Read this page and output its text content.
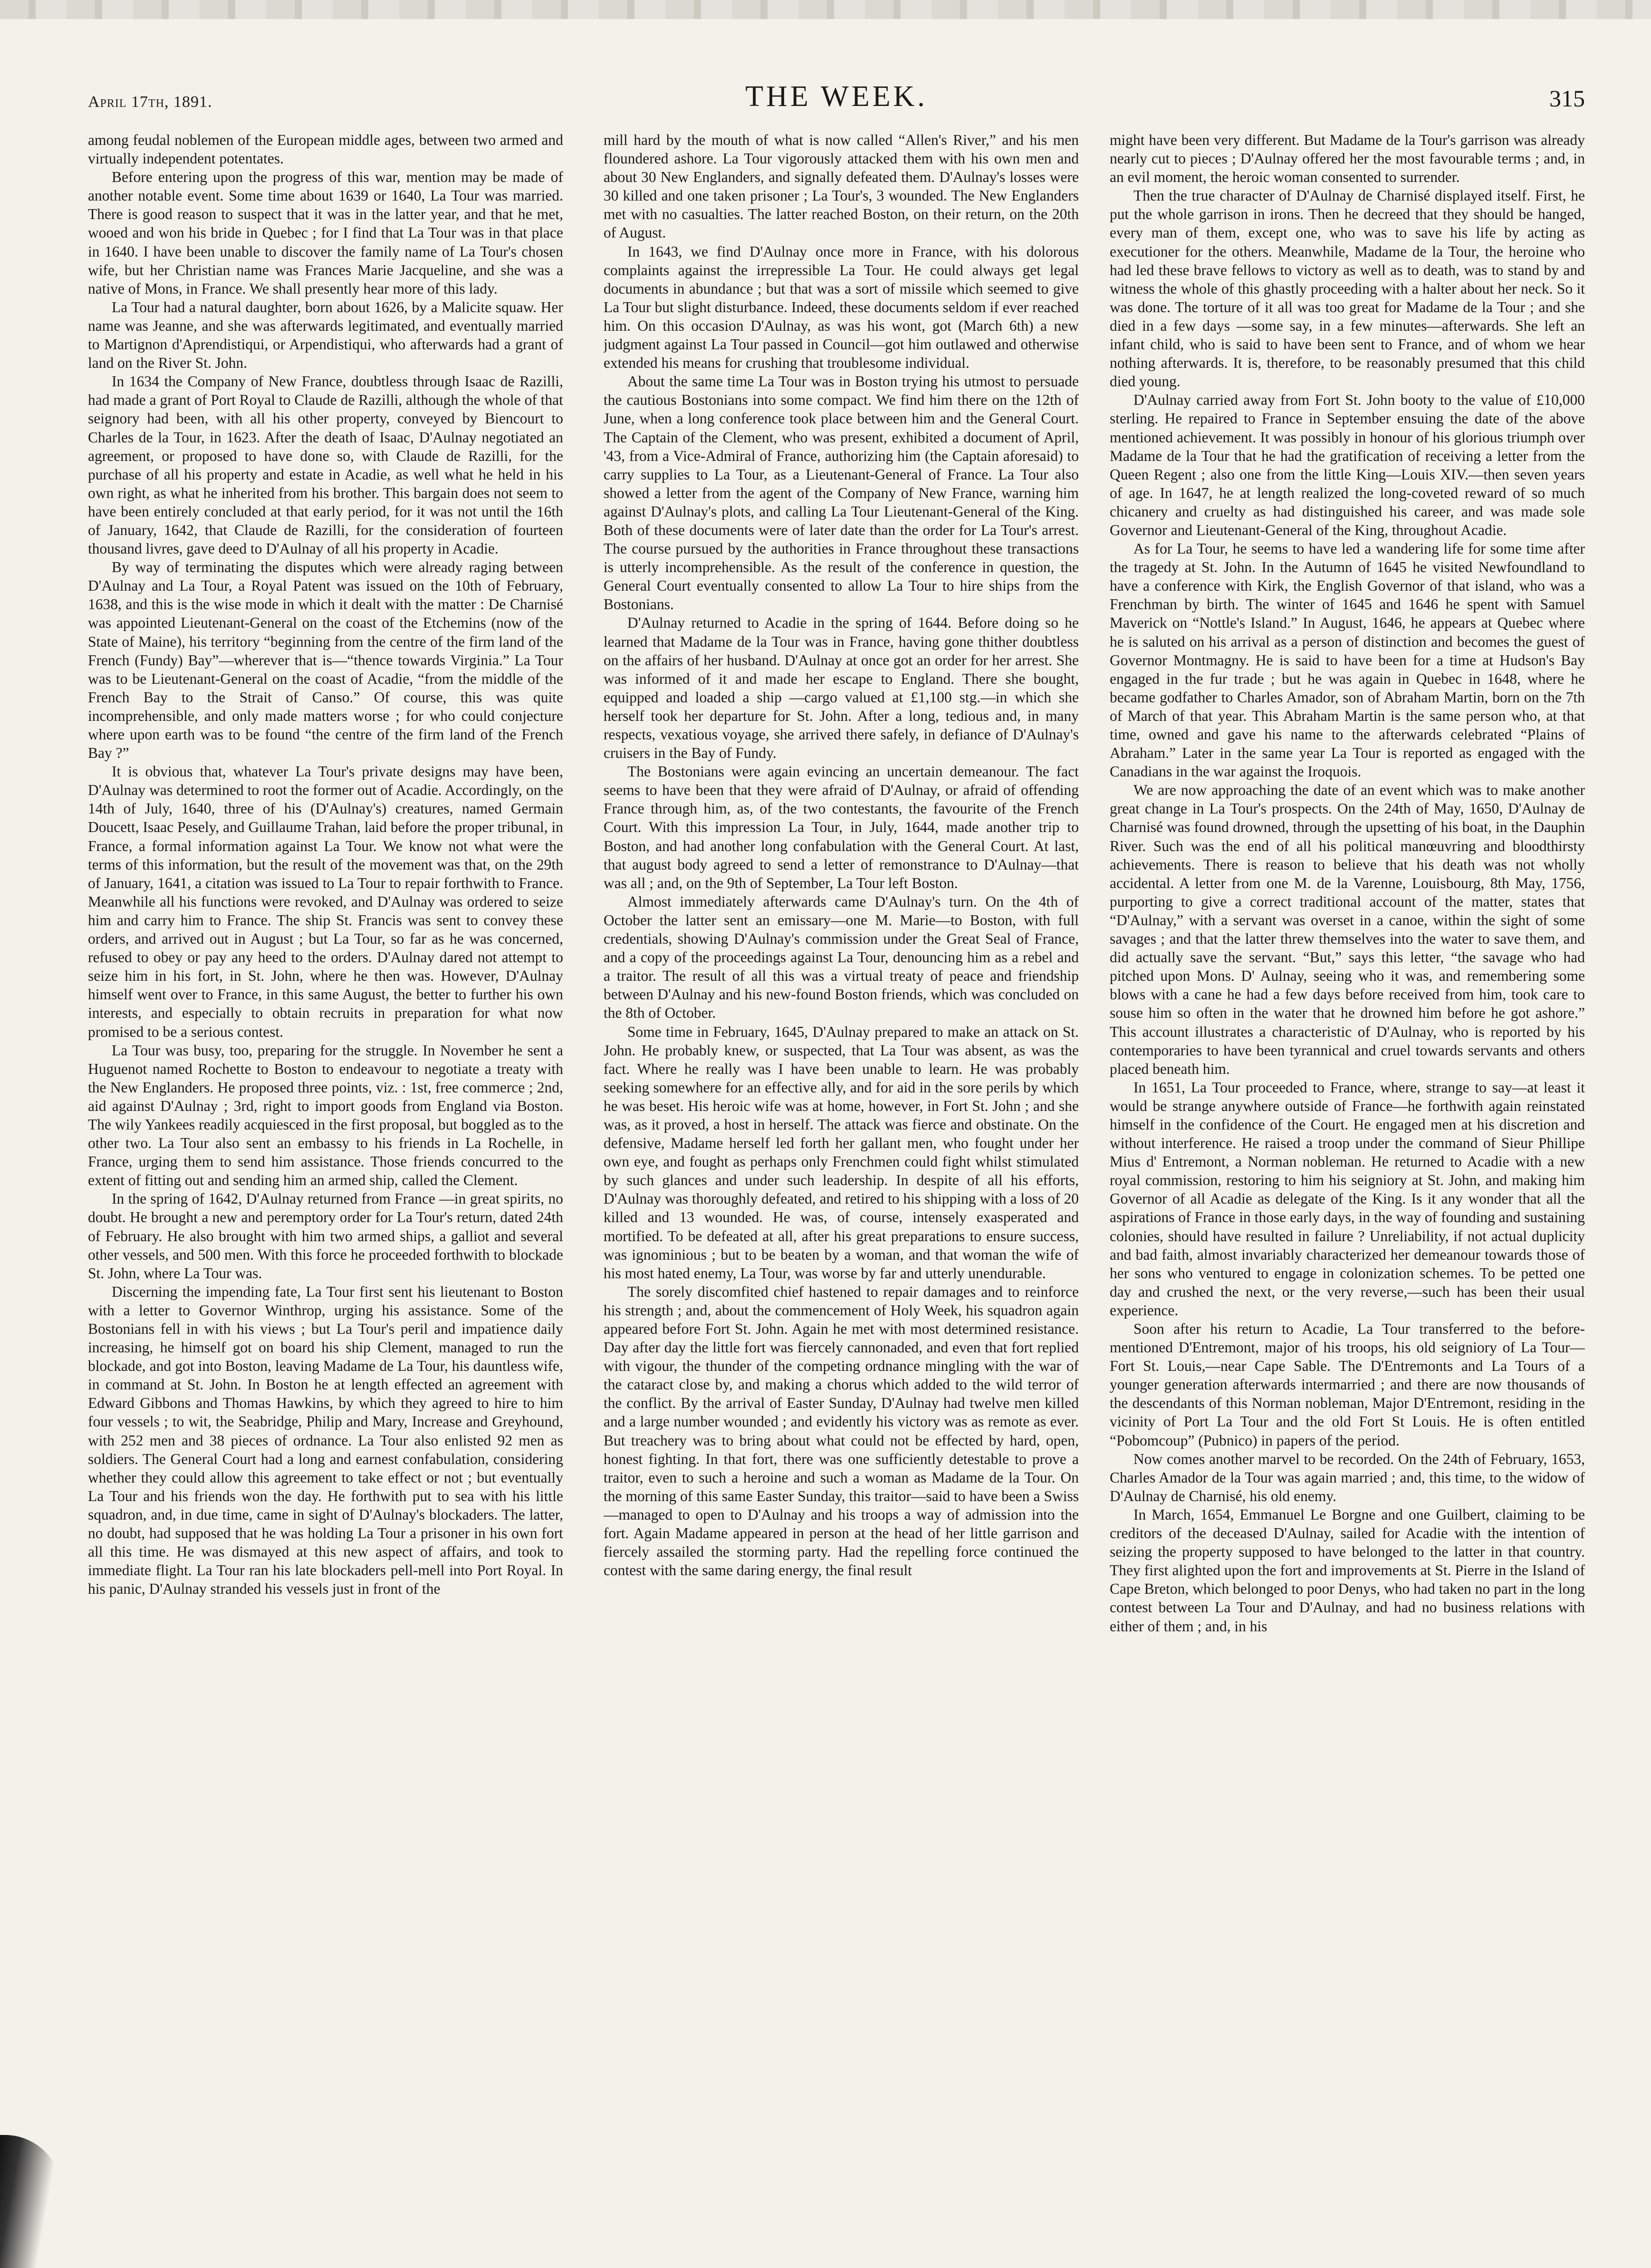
April 17th, 1891.	THE WEEK.	315

among feudal noblemen of the European middle ages, between two armed and virtually independent potentates.

Before entering upon the progress of this war, mention may be made of another notable event. Some time about 1639 or 1640, La Tour was married. There is good reason to suspect that it was in the latter year, and that he met, wooed and won his bride in Quebec ; for I find that La Tour was in that place in 1640. I have been unable to discover the family name of La Tour's chosen wife, but her Christian name was Frances Marie Jacqueline, and she was a native of Mons, in France. We shall presently hear more of this lady.

La Tour had a natural daughter, born about 1626, by a Malicite squaw. Her name was Jeanne, and she was afterwards legitimated, and eventually married to Martignon d'Aprendistiqui, or Arpendistiqui, who afterwards had a grant of land on the River St. John.

In 1634 the Company of New France, doubtless through Isaac de Razilli, had made a grant of Port Royal to Claude de Razilli, although the whole of that seignory had been, with all his other property, conveyed by Biencourt to Charles de la Tour, in 1623. After the death of Isaac, D'Aulnay negotiated an agreement, or proposed to have done so, with Claude de Razilli, for the purchase of all his property and estate in Acadie, as well what he held in his own right, as what he inherited from his brother. This bargain does not seem to have been entirely concluded at that early period, for it was not until the 16th of January, 1642, that Claude de Razilli, for the consideration of fourteen thousand livres, gave deed to D'Aulnay of all his property in Acadie.

By way of terminating the disputes which were already raging between D'Aulnay and La Tour, a Royal Patent was issued on the 10th of February, 1638, and this is the wise mode in which it dealt with the matter : De Charnisé was appointed Lieutenant-General on the coast of the Etchemins (now of the State of Maine), his territory “beginning from the centre of the firm land of the French (Fundy) Bay”—wherever that is—“thence towards Virginia.” La Tour was to be Lieutenant-General on the coast of Acadie, “from the middle of the French Bay to the Strait of Canso.” Of course, this was quite incomprehensible, and only made matters worse ; for who could conjecture where upon earth was to be found “the centre of the firm land of the French Bay ?”

It is obvious that, whatever La Tour's private designs may have been, D'Aulnay was determined to root the former out of Acadie. Accordingly, on the 14th of July, 1640, three of his (D'Aulnay's) creatures, named Germain Doucett, Isaac Pesely, and Guillaume Trahan, laid before the proper tribunal, in France, a formal information against La Tour. We know not what were the terms of this information, but the result of the movement was that, on the 29th of January, 1641, a citation was issued to La Tour to repair forthwith to France. Meanwhile all his functions were revoked, and D'Aulnay was ordered to seize him and carry him to France. The ship St. Francis was sent to convey these orders, and arrived out in August ; but La Tour, so far as he was concerned, refused to obey or pay any heed to the orders. D'Aulnay dared not attempt to seize him in his fort, in St. John, where he then was. However, D'Aulnay himself went over to France, in this same August, the better to further his own interests, and especially to obtain recruits in preparation for what now promised to be a serious contest.

La Tour was busy, too, preparing for the struggle. In November he sent a Huguenot named Rochette to Boston to endeavour to negotiate a treaty with the New Englanders. He proposed three points, viz. : 1st, free commerce ; 2nd, aid against D'Aulnay ; 3rd, right to import goods from England via Boston. The wily Yankees readily acquiesced in the first proposal, but boggled as to the other two. La Tour also sent an embassy to his friends in La Rochelle, in France, urging them to send him assistance. Those friends concurred to the extent of fitting out and sending him an armed ship, called the Clement.

In the spring of 1642, D'Aulnay returned from France —in great spirits, no doubt. He brought a new and peremptory order for La Tour's return, dated 24th of February. He also brought with him two armed ships, a galliot and several other vessels, and 500 men. With this force he proceeded forthwith to blockade St. John, where La Tour was.

Discerning the impending fate, La Tour first sent his lieutenant to Boston with a letter to Governor Winthrop, urging his assistance. Some of the Bostonians fell in with his views ; but La Tour's peril and impatience daily increasing, he himself got on board his ship Clement, managed to run the blockade, and got into Boston, leaving Madame de La Tour, his dauntless wife, in command at St. John. In Boston he at length effected an agreement with Edward Gibbons and Thomas Hawkins, by which they agreed to hire to him four vessels ; to wit, the Seabridge, Philip and Mary, Increase and Greyhound, with 252 men and 38 pieces of ordnance. La Tour also enlisted 92 men as soldiers. The General Court had a long and earnest confabulation, considering whether they could allow this agreement to take effect or not ; but eventually La Tour and his friends won the day. He forthwith put to sea with his little squadron, and, in due time, came in sight of D'Aulnay's blockaders. The latter, no doubt, had supposed that he was holding La Tour a prisoner in his own fort all this time. He was dismayed at this new aspect of affairs, and took to immediate flight. La Tour ran his late blockaders pell-mell into Port Royal. In his panic, D'Aulnay stranded his vessels just in front of the

mill hard by the mouth of what is now called “Allen's River,” and his men floundered ashore. La Tour vigorously attacked them with his own men and about 30 New Englanders, and signally defeated them. D'Aulnay's losses were 30 killed and one taken prisoner ; La Tour's, 3 wounded. The New Englanders met with no casualties. The latter reached Boston, on their return, on the 20th of August.

In 1643, we find D'Aulnay once more in France, with his dolorous complaints against the irrepressible La Tour. He could always get legal documents in abundance ; but that was a sort of missile which seemed to give La Tour but slight disturbance. Indeed, these documents seldom if ever reached him. On this occasion D'Aulnay, as was his wont, got (March 6th) a new judgment against La Tour passed in Council—got him outlawed and otherwise extended his means for crushing that troublesome individual.

About the same time La Tour was in Boston trying his utmost to persuade the cautious Bostonians into some compact. We find him there on the 12th of June, when a long conference took place between him and the General Court. The Captain of the Clement, who was present, exhibited a document of April, '43, from a Vice-Admiral of France, authorizing him (the Captain aforesaid) to carry supplies to La Tour, as a Lieutenant-General of France. La Tour also showed a letter from the agent of the Company of New France, warning him against D'Aulnay's plots, and calling La Tour Lieutenant-General of the King. Both of these documents were of later date than the order for La Tour's arrest. The course pursued by the authorities in France throughout these transactions is utterly incomprehensible. As the result of the conference in question, the General Court eventually consented to allow La Tour to hire ships from the Bostonians.

D'Aulnay returned to Acadie in the spring of 1644. Before doing so he learned that Madame de la Tour was in France, having gone thither doubtless on the affairs of her husband. D'Aulnay at once got an order for her arrest. She was informed of it and made her escape to England. There she bought, equipped and loaded a ship —cargo valued at £1,100 stg.—in which she herself took her departure for St. John. After a long, tedious and, in many respects, vexatious voyage, she arrived there safely, in defiance of D'Aulnay's cruisers in the Bay of Fundy.

The Bostonians were again evincing an uncertain demeanour. The fact seems to have been that they were afraid of D'Aulnay, or afraid of offending France through him, as, of the two contestants, the favourite of the French Court. With this impression La Tour, in July, 1644, made another trip to Boston, and had another long confabulation with the General Court. At last, that august body agreed to send a letter of remonstrance to D'Aulnay—that was all ; and, on the 9th of September, La Tour left Boston.

Almost immediately afterwards came D'Aulnay's turn. On the 4th of October the latter sent an emissary—one M. Marie—to Boston, with full credentials, showing D'Aulnay's commission under the Great Seal of France, and a copy of the proceedings against La Tour, denouncing him as a rebel and a traitor. The result of all this was a virtual treaty of peace and friendship between D'Aulnay and his new-found Boston friends, which was concluded on the 8th of October.

Some time in February, 1645, D'Aulnay prepared to make an attack on St. John. He probably knew, or suspected, that La Tour was absent, as was the fact. Where he really was I have been unable to learn. He was probably seeking somewhere for an effective ally, and for aid in the sore perils by which he was beset. His heroic wife was at home, however, in Fort St. John ; and she was, as it proved, a host in herself. The attack was fierce and obstinate. On the defensive, Madame herself led forth her gallant men, who fought under her own eye, and fought as perhaps only Frenchmen could fight whilst stimulated by such glances and under such leadership. In despite of all his efforts, D'Aulnay was thoroughly defeated, and retired to his shipping with a loss of 20 killed and 13 wounded. He was, of course, intensely exasperated and mortified. To be defeated at all, after his great preparations to ensure success, was ignominious ; but to be beaten by a woman, and that woman the wife of his most hated enemy, La Tour, was worse by far and utterly unendurable.

The sorely discomfited chief hastened to repair damages and to reinforce his strength ; and, about the commencement of Holy Week, his squadron again appeared before Fort St. John. Again he met with most determined resistance. Day after day the little fort was fiercely cannonaded, and even that fort replied with vigour, the thunder of the competing ordnance mingling with the war of the cataract close by, and making a chorus which added to the wild terror of the conflict. By the arrival of Easter Sunday, D'Aulnay had twelve men killed and a large number wounded ; and evidently his victory was as remote as ever. But treachery was to bring about what could not be effected by hard, open, honest fighting. In that fort, there was one sufficiently detestable to prove a traitor, even to such a heroine and such a woman as Madame de la Tour. On the morning of this same Easter Sunday, this traitor—said to have been a Swiss—managed to open to D'Aulnay and his troops a way of admission into the fort. Again Madame appeared in person at the head of her little garrison and fiercely assailed the storming party. Had the repelling force continued the contest with the same daring energy, the final result

might have been very different. But Madame de la Tour's garrison was already nearly cut to pieces ; D'Aulnay offered her the most favourable terms ; and, in an evil moment, the heroic woman consented to surrender.

Then the true character of D'Aulnay de Charnisé displayed itself. First, he put the whole garrison in irons. Then he decreed that they should be hanged, every man of them, except one, who was to save his life by acting as executioner for the others. Meanwhile, Madame de la Tour, the heroine who had led these brave fellows to victory as well as to death, was to stand by and witness the whole of this ghastly proceeding with a halter about her neck. So it was done. The torture of it all was too great for Madame de la Tour ; and she died in a few days —some say, in a few minutes—afterwards. She left an infant child, who is said to have been sent to France, and of whom we hear nothing afterwards. It is, therefore, to be reasonably presumed that this child died young.

D'Aulnay carried away from Fort St. John booty to the value of £10,000 sterling. He repaired to France in September ensuing the date of the above mentioned achievement. It was possibly in honour of his glorious triumph over Madame de la Tour that he had the gratification of receiving a letter from the Queen Regent ; also one from the little King—Louis XIV.—then seven years of age. In 1647, he at length realized the long-coveted reward of so much chicanery and cruelty as had distinguished his career, and was made sole Governor and Lieutenant-General of the King, throughout Acadie.

As for La Tour, he seems to have led a wandering life for some time after the tragedy at St. John. In the Autumn of 1645 he visited Newfoundland to have a conference with Kirk, the English Governor of that island, who was a Frenchman by birth. The winter of 1645 and 1646 he spent with Samuel Maverick on “Nottle's Island.” In August, 1646, he appears at Quebec where he is saluted on his arrival as a person of distinction and becomes the guest of Governor Montmagny. He is said to have been for a time at Hudson's Bay engaged in the fur trade ; but he was again in Quebec in 1648, where he became godfather to Charles Amador, son of Abraham Martin, born on the 7th of March of that year. This Abraham Martin is the same person who, at that time, owned and gave his name to the afterwards celebrated “Plains of Abraham.” Later in the same year La Tour is reported as engaged with the Canadians in the war against the Iroquois.

We are now approaching the date of an event which was to make another great change in La Tour's prospects. On the 24th of May, 1650, D'Aulnay de Charnisé was found drowned, through the upsetting of his boat, in the Dauphin River. Such was the end of all his political manœuvring and bloodthirsty achievements. There is reason to believe that his death was not wholly accidental. A letter from one M. de la Varenne, Louisbourg, 8th May, 1756, purporting to give a correct traditional account of the matter, states that “D'Aulnay,” with a servant was overset in a canoe, within the sight of some savages ; and that the latter threw themselves into the water to save them, and did actually save the servant. “But,” says this letter, “the savage who had pitched upon Mons. D' Aulnay, seeing who it was, and remembering some blows with a cane he had a few days before received from him, took care to souse him so often in the water that he drowned him before he got ashore.” This account illustrates a characteristic of D'Aulnay, who is reported by his contemporaries to have been tyrannical and cruel towards servants and others placed beneath him.

In 1651, La Tour proceeded to France, where, strange to say—at least it would be strange anywhere outside of France—he forthwith again reinstated himself in the confidence of the Court. He engaged men at his discretion and without interference. He raised a troop under the command of Sieur Phillipe Mius d' Entremont, a Norman nobleman. He returned to Acadie with a new royal commission, restoring to him his seigniory at St. John, and making him Governor of all Acadie as delegate of the King. Is it any wonder that all the aspirations of France in those early days, in the way of founding and sustaining colonies, should have resulted in failure ? Unreliability, if not actual duplicity and bad faith, almost invariably characterized her demeanour towards those of her sons who ventured to engage in colonization schemes. To be petted one day and crushed the next, or the very reverse,—such has been their usual experience.

Soon after his return to Acadie, La Tour transferred to the before-mentioned D'Entremont, major of his troops, his old seigniory of La Tour—Fort St. Louis,—near Cape Sable. The D'Entremonts and La Tours of a younger generation afterwards intermarried ; and there are now thousands of the descendants of this Norman nobleman, Major D'Entremont, residing in the vicinity of Port La Tour and the old Fort St Louis. He is often entitled “Pobomcoup” (Pubnico) in papers of the period.

Now comes another marvel to be recorded. On the 24th of February, 1653, Charles Amador de la Tour was again married ; and, this time, to the widow of D'Aulnay de Charnisé, his old enemy.

In March, 1654, Emmanuel Le Borgne and one Guilbert, claiming to be creditors of the deceased D'Aulnay, sailed for Acadie with the intention of seizing the property supposed to have belonged to the latter in that country. They first alighted upon the fort and improvements at St. Pierre in the Island of Cape Breton, which belonged to poor Denys, who had taken no part in the long contest between La Tour and D'Aulnay, and had no business relations with either of them ; and, in his
